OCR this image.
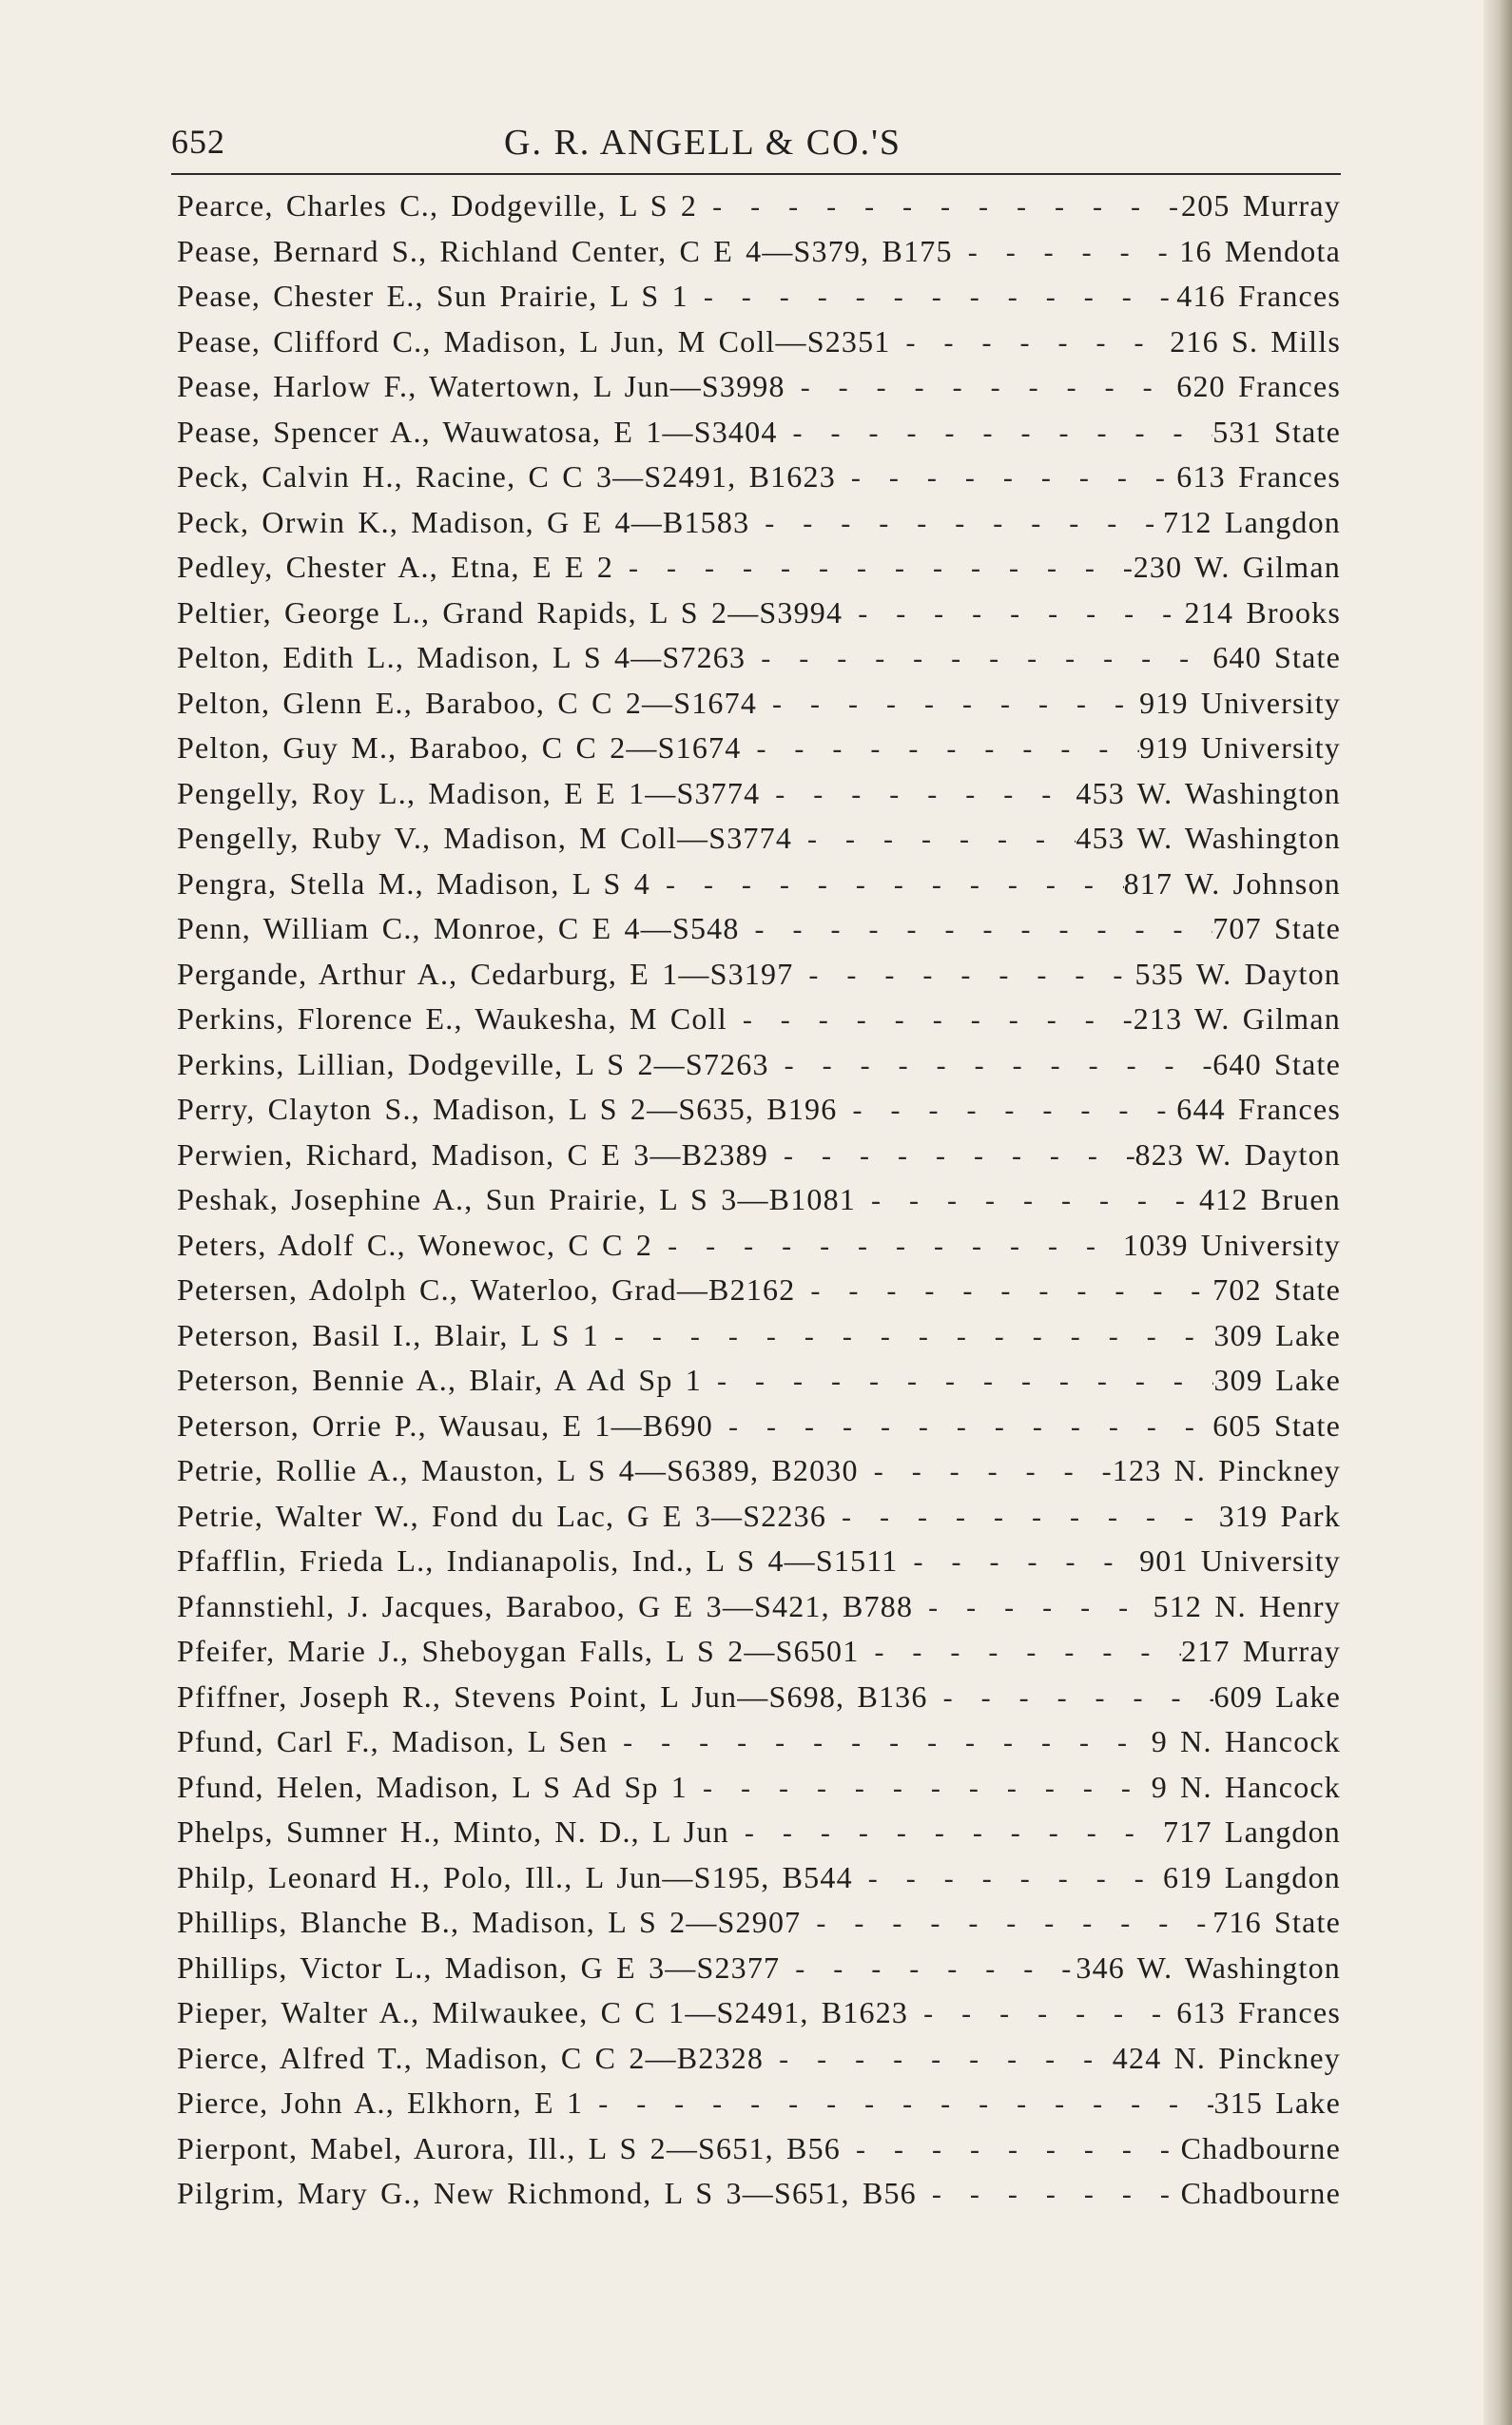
652	G. R. ANGELL & CO.'S
Pearce, Charles C., Dodgeville, L S 2 -	205 Murray
Pease, Bernard S., Richland Center, C E 4—S379, B175 -	16 Mendota
Pease, Chester E., Sun Prairie, L S 1 -	416 Frances
Pease, Clifford C., Madison, L Jun, M Coll—S2351 -	216 S. Mills
Pease, Harlow F., Watertown, L Jun—S3998 -	620 Frances
Pease, Spencer A., Wauwatosa, E 1—S3404 -	531 State
Peck, Calvin H., Racine, C C 3—S2491, B1623 -	613 Frances
Peck, Orwin K., Madison, G E 4—B1583 -	712 Langdon
Pedley, Chester A., Etna, E E 2 -	230 W. Gilman
Peltier, George L., Grand Rapids, L S 2—S3994 -	214 Brooks
Pelton, Edith L., Madison, L S 4—S7263 -	640 State
Pelton, Glenn E., Baraboo, C C 2—S1674 -	919 University
Pelton, Guy M., Baraboo, C C 2—S1674 -	919 University
Pengelly, Roy L., Madison, E E 1—S3774 -	453 W. Washington
Pengelly, Ruby V., Madison, M Coll—S3774 -	453 W. Washington
Pengra, Stella M., Madison, L S 4 -	817 W. Johnson
Penn, William C., Monroe, C E 4—S548 -	707 State
Pergande, Arthur A., Cedarburg, E 1—S3197 -	535 W. Dayton
Perkins, Florence E., Waukesha, M Coll -	213 W. Gilman
Perkins, Lillian, Dodgeville, L S 2—S7263 -	640 State
Perry, Clayton S., Madison, L S 2—S635, B196 -	644 Frances
Perwien, Richard, Madison, C E 3—B2389 -	823 W. Dayton
Peshak, Josephine A., Sun Prairie, L S 3—B1081 -	412 Bruen
Peters, Adolf C., Wonewoc, C C 2 -	1039 University
Petersen, Adolph C., Waterloo, Grad—B2162 -	702 State
Peterson, Basil I., Blair, L S 1 -	309 Lake
Peterson, Bennie A., Blair, A Ad Sp 1 -	309 Lake
Peterson, Orrie P., Wausau, E 1—B690 -	605 State
Petrie, Rollie A., Mauston, L S 4—S6389, B2030 -	123 N. Pinckney
Petrie, Walter W., Fond du Lac, G E 3—S2236 -	319 Park
Pfafflin, Frieda L., Indianapolis, Ind., L S 4—S1511 -	901 University
Pfannstiehl, J. Jacques, Baraboo, G E 3—S421, B788 -	512 N. Henry
Pfeifer, Marie J., Sheboygan Falls, L S 2—S6501 -	217 Murray
Pfiffner, Joseph R., Stevens Point, L Jun—S698, B136 -	609 Lake
Pfund, Carl F., Madison, L Sen -	9 N. Hancock
Pfund, Helen, Madison, L S Ad Sp 1 -	9 N. Hancock
Phelps, Sumner H., Minto, N. D., L Jun -	717 Langdon
Philp, Leonard H., Polo, Ill., L Jun—S195, B544 -	619 Langdon
Phillips, Blanche B., Madison, L S 2—S2907 -	716 State
Phillips, Victor L., Madison, G E 3—S2377 -	346 W. Washington
Pieper, Walter A., Milwaukee, C C 1—S2491, B1623 -	613 Frances
Pierce, Alfred T., Madison, C C 2—B2328 -	424 N. Pinckney
Pierce, John A., Elkhorn, E 1 -	315 Lake
Pierpont, Mabel, Aurora, Ill., L S 2—S651, B56 -	Chadbourne
Pilgrim, Mary G., New Richmond, L S 3—S651, B56 -	Chadbourne
